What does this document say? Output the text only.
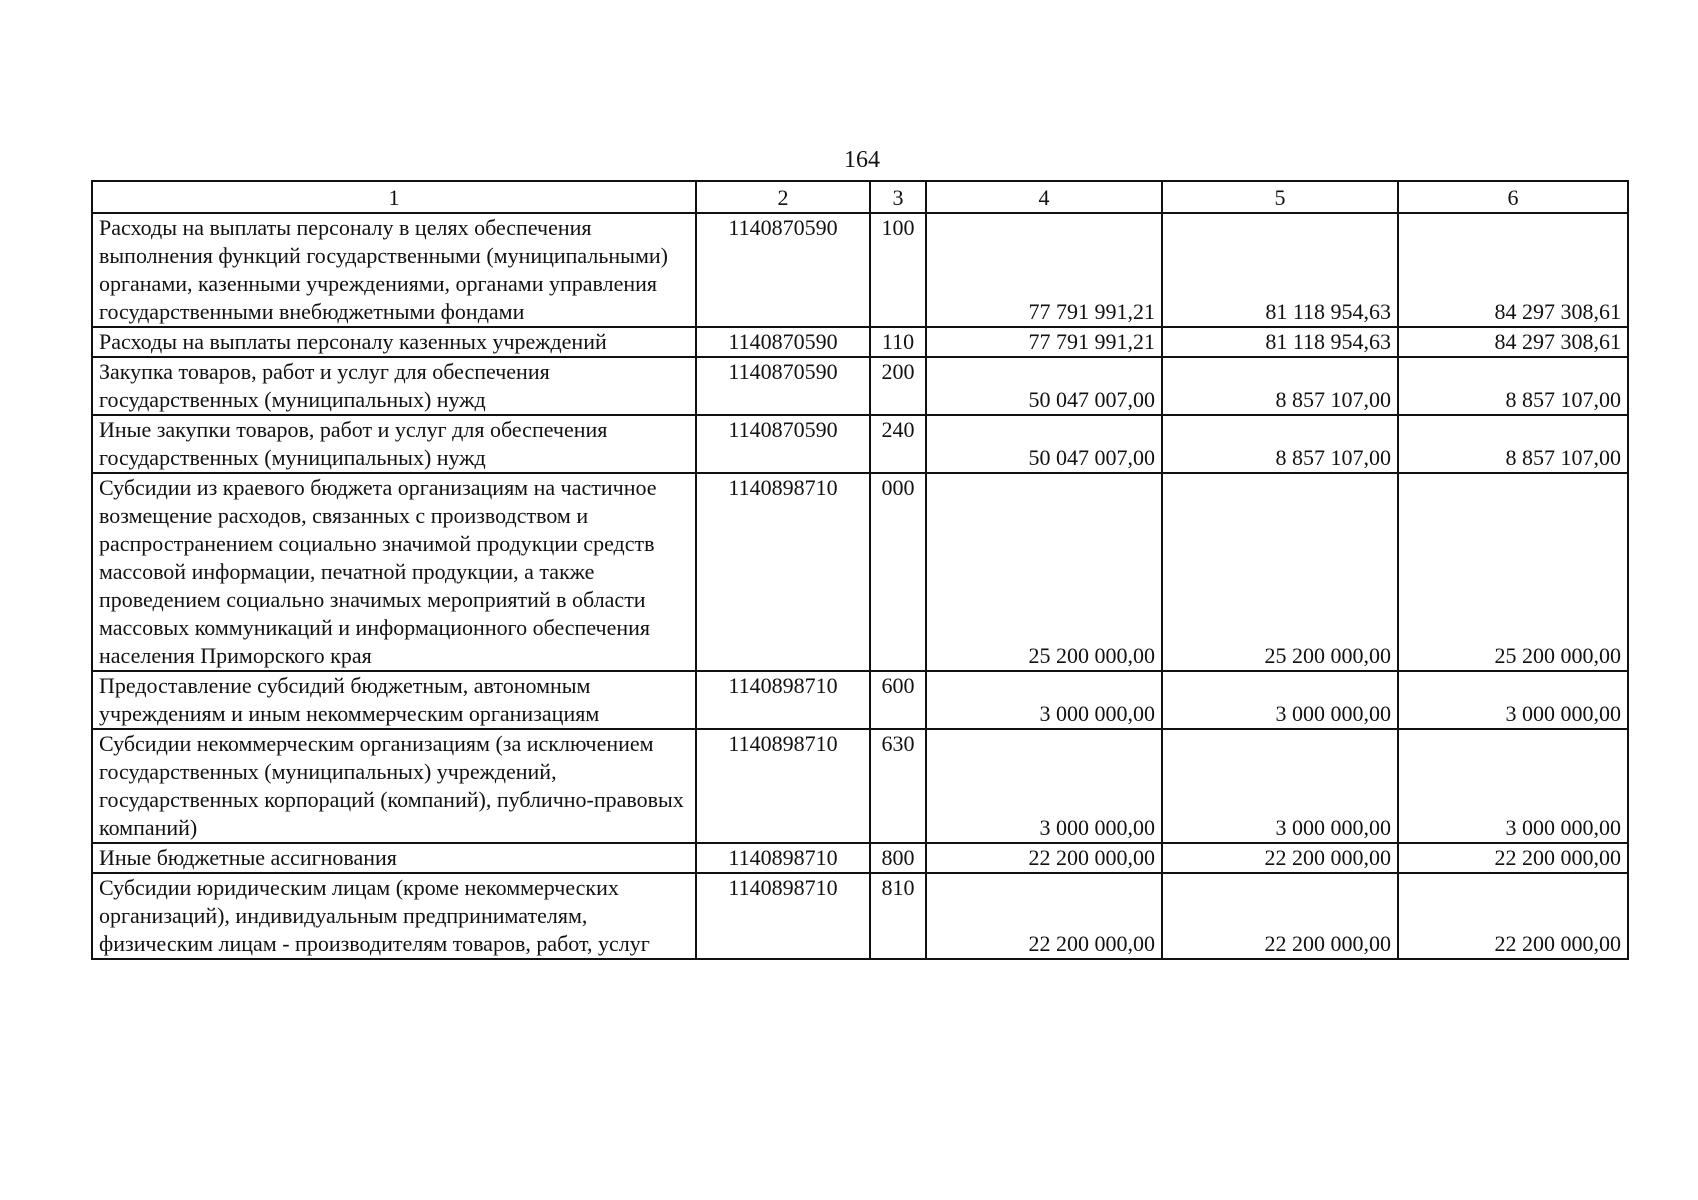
164
1	2	3	4	5	6
Расходы на выплаты персоналу в целях обеспечения выполнения функций государственными (муниципальными) органами, казенными учреждениями, органами управления государственными внебюджетными фондами	1140870590	100	77 791 991,21	81 118 954,63	84 297 308,61
Расходы на выплаты персоналу казенных учреждений	1140870590	110	77 791 991,21	81 118 954,63	84 297 308,61
Закупка товаров, работ и услуг для обеспечения государственных (муниципальных) нужд	1140870590	200	50 047 007,00	8 857 107,00	8 857 107,00
Иные закупки товаров, работ и услуг для обеспечения государственных (муниципальных) нужд	1140870590	240	50 047 007,00	8 857 107,00	8 857 107,00
Субсидии из краевого бюджета организациям на частичное возмещение расходов, связанных с производством и распространением социально значимой продукции средств массовой информации, печатной продукции, а также проведением социально значимых мероприятий в области массовых коммуникаций и информационного обеспечения населения Приморского края	1140898710	000	25 200 000,00	25 200 000,00	25 200 000,00
Предоставление субсидий бюджетным, автономным учреждениям и иным некоммерческим организациям	1140898710	600	3 000 000,00	3 000 000,00	3 000 000,00
Субсидии некоммерческим организациям (за исключением государственных (муниципальных) учреждений, государственных корпораций (компаний), публично-правовых компаний)	1140898710	630	3 000 000,00	3 000 000,00	3 000 000,00
Иные бюджетные ассигнования	1140898710	800	22 200 000,00	22 200 000,00	22 200 000,00
Субсидии юридическим лицам (кроме некоммерческих организаций), индивидуальным предпринимателям, физическим лицам - производителям товаров, работ, услуг	1140898710	810	22 200 000,00	22 200 000,00	22 200 000,00
